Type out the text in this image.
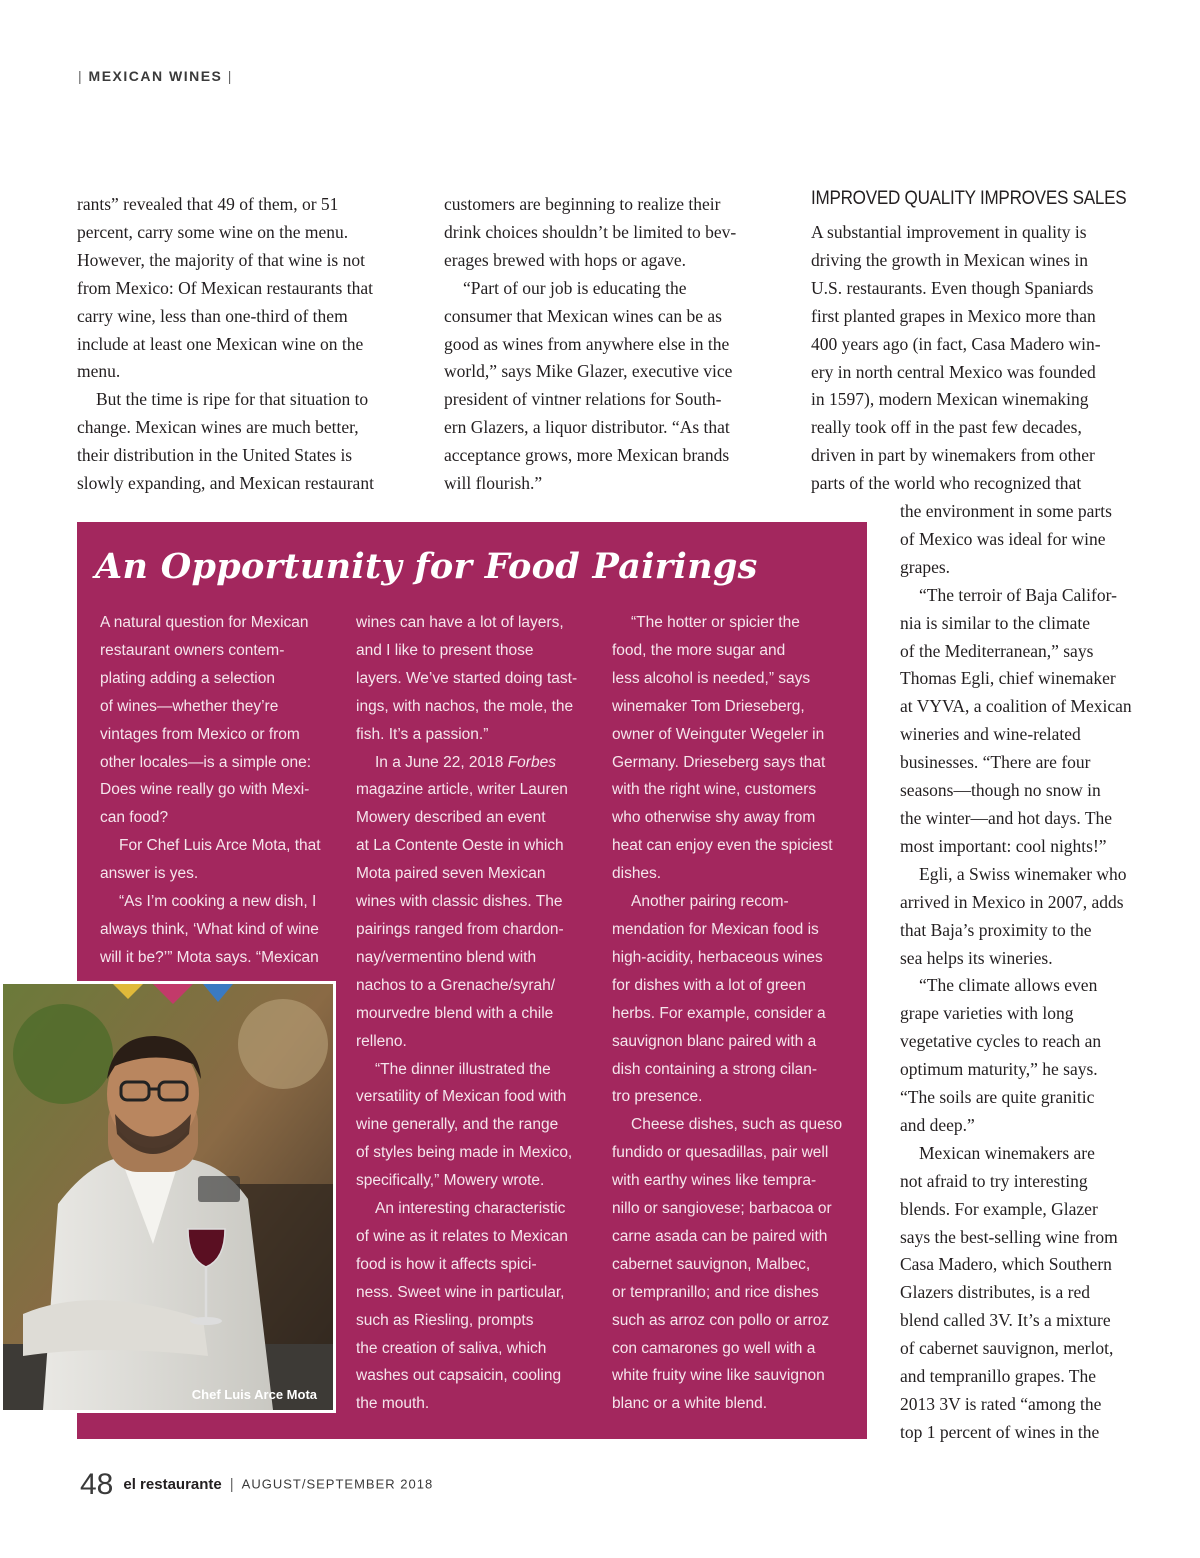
| MEXICAN WINES |

rants” revealed that 49 of them, or 51
percent, carry some wine on the menu.
However, the majority of that wine is not
from Mexico: Of Mexican restaurants that
carry wine, less than one-third of them
include at least one Mexican wine on the
menu.

But the time is ripe for that situation to
change. Mexican wines are much better,
their distribution in the United States is
slowly expanding, and Mexican restaurant

customers are beginning to realize their
drink choices shouldn’t be limited to bev-
erages brewed with hops or agave.

“Part of our job is educating the
consumer that Mexican wines can be as
good as wines from anywhere else in the
world,” says Mike Glazer, executive vice
president of vintner relations for South-
ern Glazers, a liquor distributor. “As that
acceptance grows, more Mexican brands
will flourish.”

IMPROVED QUALITY IMPROVES SALES

A substantial improvement in quality is
driving the growth in Mexican wines in
U.S. restaurants. Even though Spaniards
first planted grapes in Mexico more than
400 years ago (in fact, Casa Madero win-
ery in north central Mexico was founded
in 1597), modern Mexican winemaking
really took off in the past few decades,
driven in part by winemakers from other
parts of the world who recognized that

the environment in some parts
of Mexico was ideal for wine
grapes.

“The terroir of Baja Califor-
nia is similar to the climate
of the Mediterranean,” says
Thomas Egli, chief winemaker
at VYVA, a coalition of Mexican
wineries and wine-related
businesses. “There are four
seasons—though no snow in
the winter—and hot days. The
most important: cool nights!”

Egli, a Swiss winemaker who
arrived in Mexico in 2007, adds
that Baja’s proximity to the
sea helps its wineries.

“The climate allows even
grape varieties with long
vegetative cycles to reach an
optimum maturity,” he says.
“The soils are quite granitic
and deep.”

Mexican winemakers are
not afraid to try interesting
blends. For example, Glazer
says the best-selling wine from
Casa Madero, which Southern
Glazers distributes, is a red
blend called 3V. It’s a mixture
of cabernet sauvignon, merlot,
and tempranillo grapes. The
2013 3V is rated “among the
top 1 percent of wines in the

An Opportunity for Food Pairings

A natural question for Mexican
restaurant owners contem-
plating adding a selection
of wines—whether they’re
vintages from Mexico or from
other locales—is a simple one:
Does wine really go with Mexi-
can food?

For Chef Luis Arce Mota, that
answer is yes.

“As I’m cooking a new dish, I
always think, ‘What kind of wine
will it be?’” Mota says. “Mexican

wines can have a lot of layers,
and I like to present those
layers. We’ve started doing tast-
ings, with nachos, the mole, the
fish. It’s a passion.”

In a June 22, 2018 Forbes
magazine article, writer Lauren
Mowery described an event
at La Contente Oeste in which
Mota paired seven Mexican
wines with classic dishes. The
pairings ranged from chardon-
nay/vermentino blend with
nachos to a Grenache/syrah/
mourvedre blend with a chile
relleno.

“The dinner illustrated the
versatility of Mexican food with
wine generally, and the range
of styles being made in Mexico,
specifically,” Mowery wrote.

An interesting characteristic
of wine as it relates to Mexican
food is how it affects spici-
ness. Sweet wine in particular,
such as Riesling, prompts
the creation of saliva, which
washes out capsaicin, cooling
the mouth.

“The hotter or spicier the
food, the more sugar and
less alcohol is needed,” says
winemaker Tom Drieseberg,
owner of Weinguter Wegeler in
Germany. Drieseberg says that
with the right wine, customers
who otherwise shy away from
heat can enjoy even the spiciest
dishes.

Another pairing recom-
mendation for Mexican food is
high-acidity, herbaceous wines
for dishes with a lot of green
herbs. For example, consider a
sauvignon blanc paired with a
dish containing a strong cilan-
tro presence.

Cheese dishes, such as queso
fundido or quesadillas, pair well
with earthy wines like tempra-
nillo or sangiovese; barbacoa or
carne asada can be paired with
cabernet sauvignon, Malbec,
or tempranillo; and rice dishes
such as arroz con pollo or arroz
con camarones go well with a
white fruity wine like sauvignon
blanc or a white blend.

Chef Luis Arce Mota
48 el restaurante | AUGUST/SEPTEMBER 2018
